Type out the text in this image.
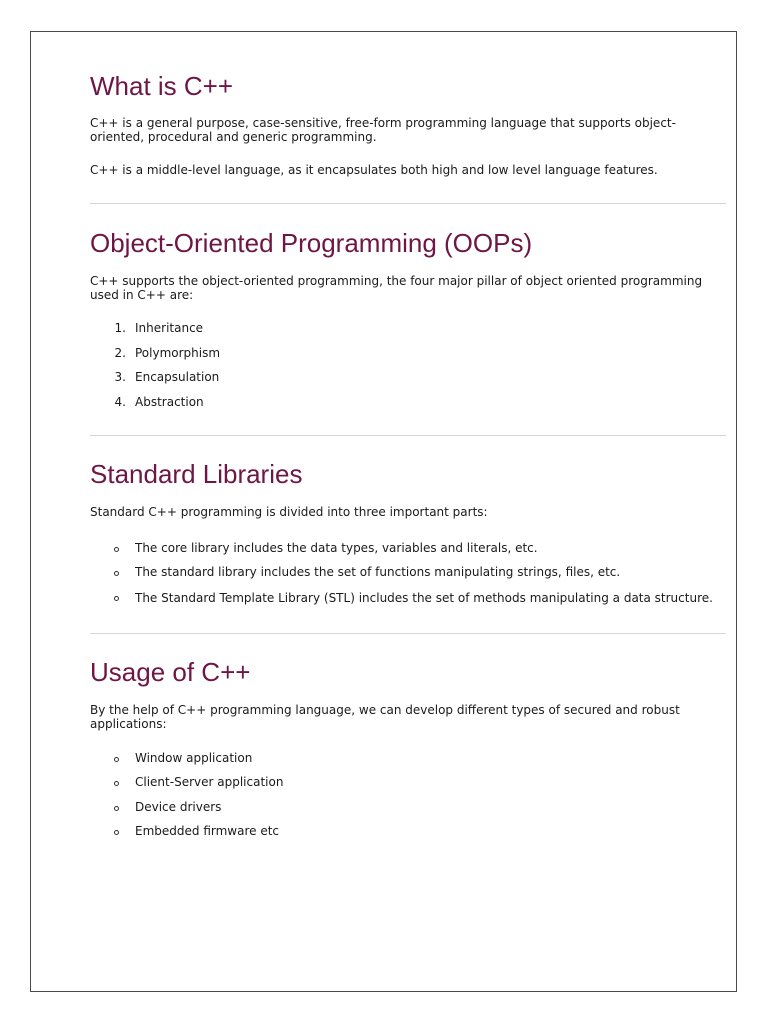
What is C++

C++ is a general purpose, case-sensitive, free-form programming language that supports object-oriented, procedural and generic programming.

C++ is a middle-level language, as it encapsulates both high and low level language features.

Object-Oriented Programming (OOPs)

C++ supports the object-oriented programming, the four major pillar of object oriented programming used in C++ are:

1. Inheritance
2. Polymorphism
3. Encapsulation
4. Abstraction
Standard Libraries

Standard C++ programming is divided into three important parts:

The core library includes the data types, variables and literals, etc.
The standard library includes the set of functions manipulating strings, files, etc.
The Standard Template Library (STL) includes the set of methods manipulating a data structure.
Usage of C++

By the help of C++ programming language, we can develop different types of secured and robust applications:

Window application
Client-Server application
Device drivers
Embedded firmware etc
